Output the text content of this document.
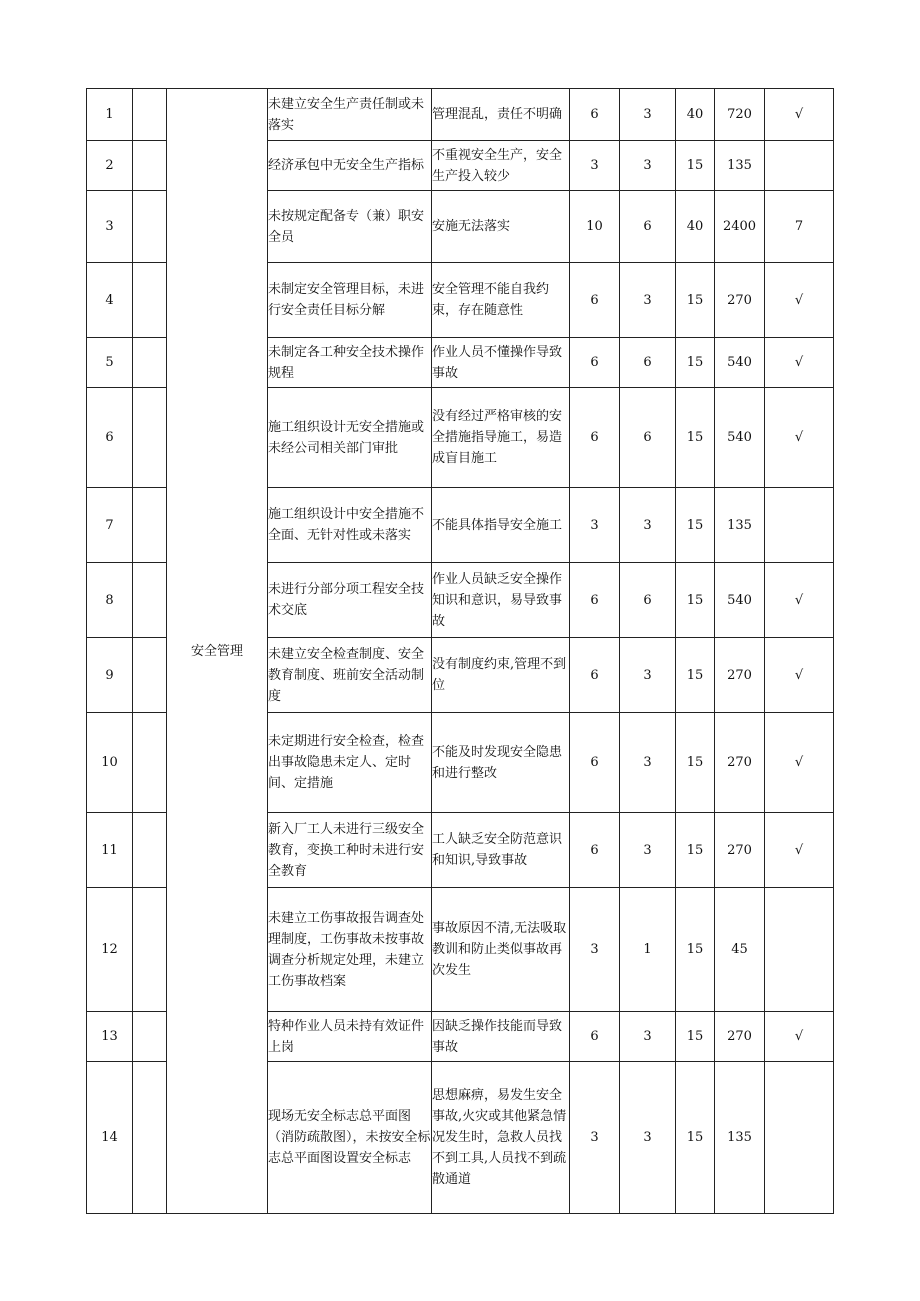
1		安全管理	未建立安全生产责任制或未落实	管理混乱，责任不明确	6	3	40	720	√
2			经济承包中无安全生产指标	不重视安全生产，安全生产投入较少	3	3	15	135	
3			未按规定配备专（兼）职安全员	安施无法落实	10	6	40	2400	7
4			未制定安全管理目标，未进行安全责任目标分解	安全管理不能自我约束，存在随意性	6	3	15	270	√
5			未制定各工种安全技术操作规程	作业人员不懂操作导致事故	6	6	15	540	√
6			施工组织设计无安全措施或未经公司相关部门审批	没有经过严格审核的安全措施指导施工，易造成盲目施工	6	6	15	540	√
7			施工组织设计中安全措施不全面、无针对性或未落实	不能具体指导安全施工	3	3	15	135	
8			未进行分部分项工程安全技术交底	作业人员缺乏安全操作知识和意识，易导致事故	6	6	15	540	√
9			未建立安全检查制度、安全教育制度、班前安全活动制度	没有制度约束,管理不到位	6	3	15	270	√
10			未定期进行安全检查，检查出事故隐患未定人、定时间、定措施	不能及时发现安全隐患和进行整改	6	3	15	270	√
11			新入厂工人未进行三级安全教育，变换工种时未进行安全教育	工人缺乏安全防范意识和知识,导致事故	6	3	15	270	√
12			未建立工伤事故报告调查处理制度，工伤事故未按事故调查分析规定处理，未建立工伤事故档案	事故原因不清,无法吸取教训和防止类似事故再次发生	3	1	15	45	
13			特种作业人员未持有效证件上岗	因缺乏操作技能而导致事故	6	3	15	270	√
14			现场无安全标志总平面图（消防疏散图），未按安全标志总平面图设置安全标志	思想麻痹，易发生安全事故,火灾或其他紧急情况发生时，急救人员找不到工具,人员找不到疏散通道	3	3	15	135	
